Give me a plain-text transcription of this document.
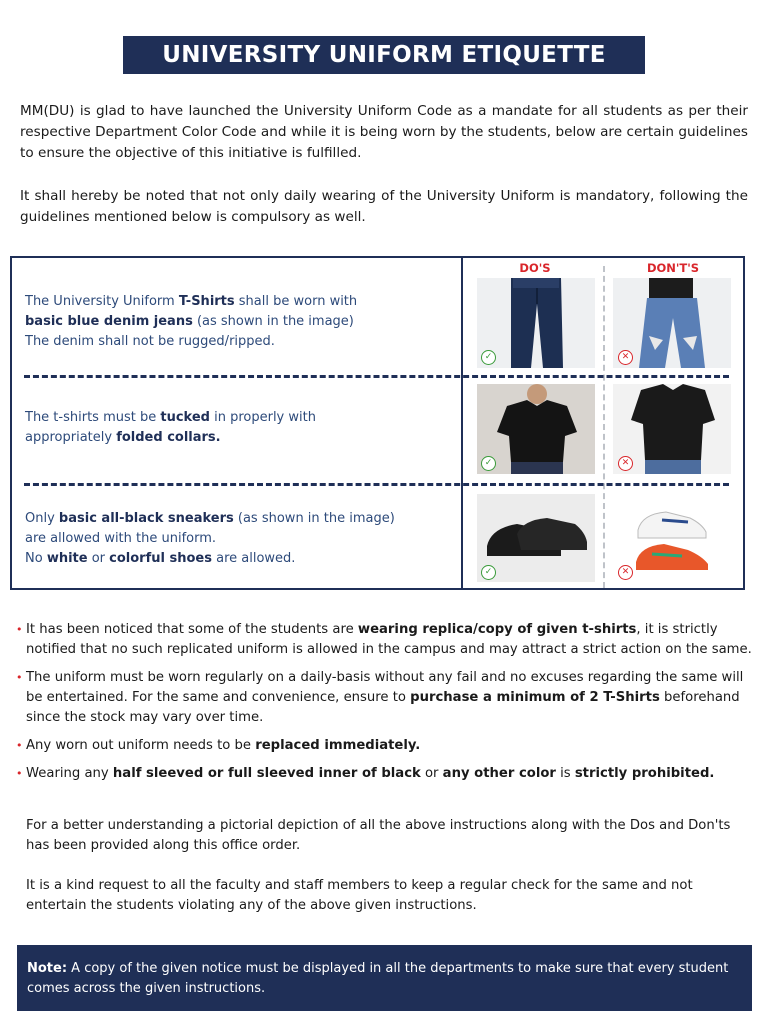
UNIVERSITY UNIFORM ETIQUETTE

MM(DU) is glad to have launched the University Uniform Code as a mandate for all students as per their respective Department Color Code and while it is being worn by the students, below are certain guidelines to ensure the objective of this initiative is fulfilled.

It shall hereby be noted that not only daily wearing of the University Uniform is mandatory, following the guidelines mentioned below is compulsory as well.

DO'S	DON'T'S
The University Uniform T-Shirts shall be worn with
basic blue denim jeans (as shown in the image)
The denim shall not be rugged/ripped.
✓	✕
The t-shirts must be tucked in properly with
appropriately folded collars.
✓	✕
Only basic all-black sneakers (as shown in the image)
are allowed with the uniform.
No white or colorful shoes are allowed.
✓	✕
• It has been noticed that some of the students are wearing replica/copy of given t-shirts, it is strictly notified that no such replicated uniform is allowed in the campus and may attract a strict action on the same.
• The uniform must be worn regularly on a daily-basis without any fail and no excuses regarding the same will be entertained. For the same and convenience, ensure to purchase a minimum of 2 T-Shirts beforehand since the stock may vary over time.
• Any worn out uniform needs to be replaced immediately.
• Wearing any half sleeved or full sleeved inner of black or any other color is strictly prohibited.

For a better understanding a pictorial depiction of all the above instructions along with the Dos and Don'ts has been provided along this office order.

It is a kind request to all the faculty and staff members to keep a regular check for the same and not entertain the students violating any of the above given instructions.

Note: A copy of the given notice must be displayed in all the departments to make sure that every student comes across the given instructions.
